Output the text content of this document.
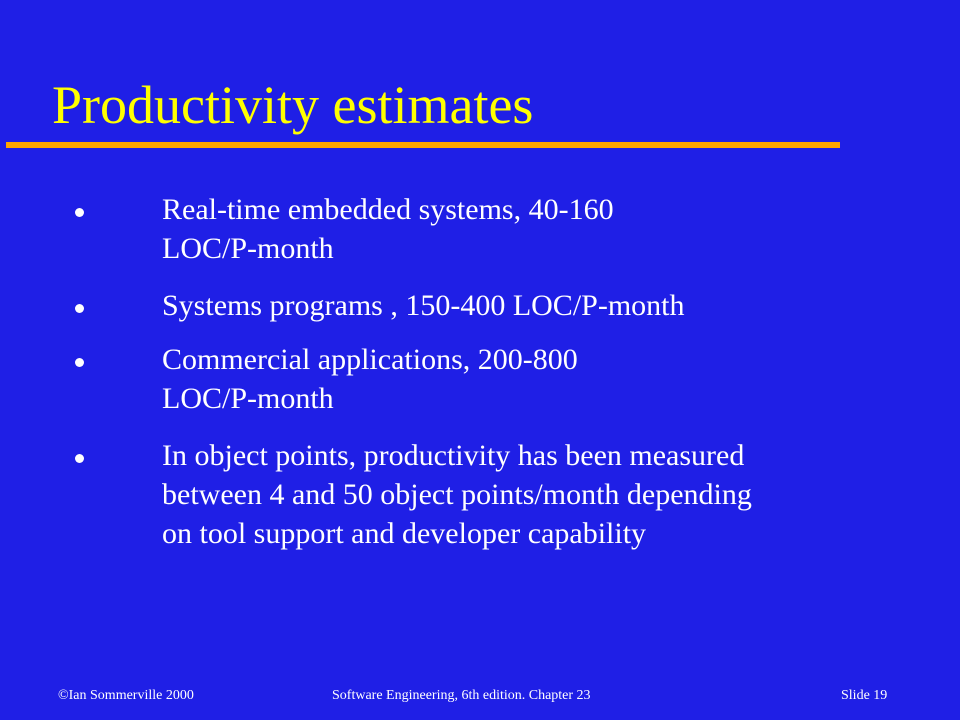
Productivity estimates
Real-time embedded systems, 40-160
LOC/P-month
Systems programs , 150-400 LOC/P-month
Commercial applications, 200-800
LOC/P-month
In object points, productivity has been measured
between 4 and 50 object points/month depending
on tool support and developer capability
©Ian Sommerville 2000	Software Engineering, 6th edition. Chapter 23	Slide 19
